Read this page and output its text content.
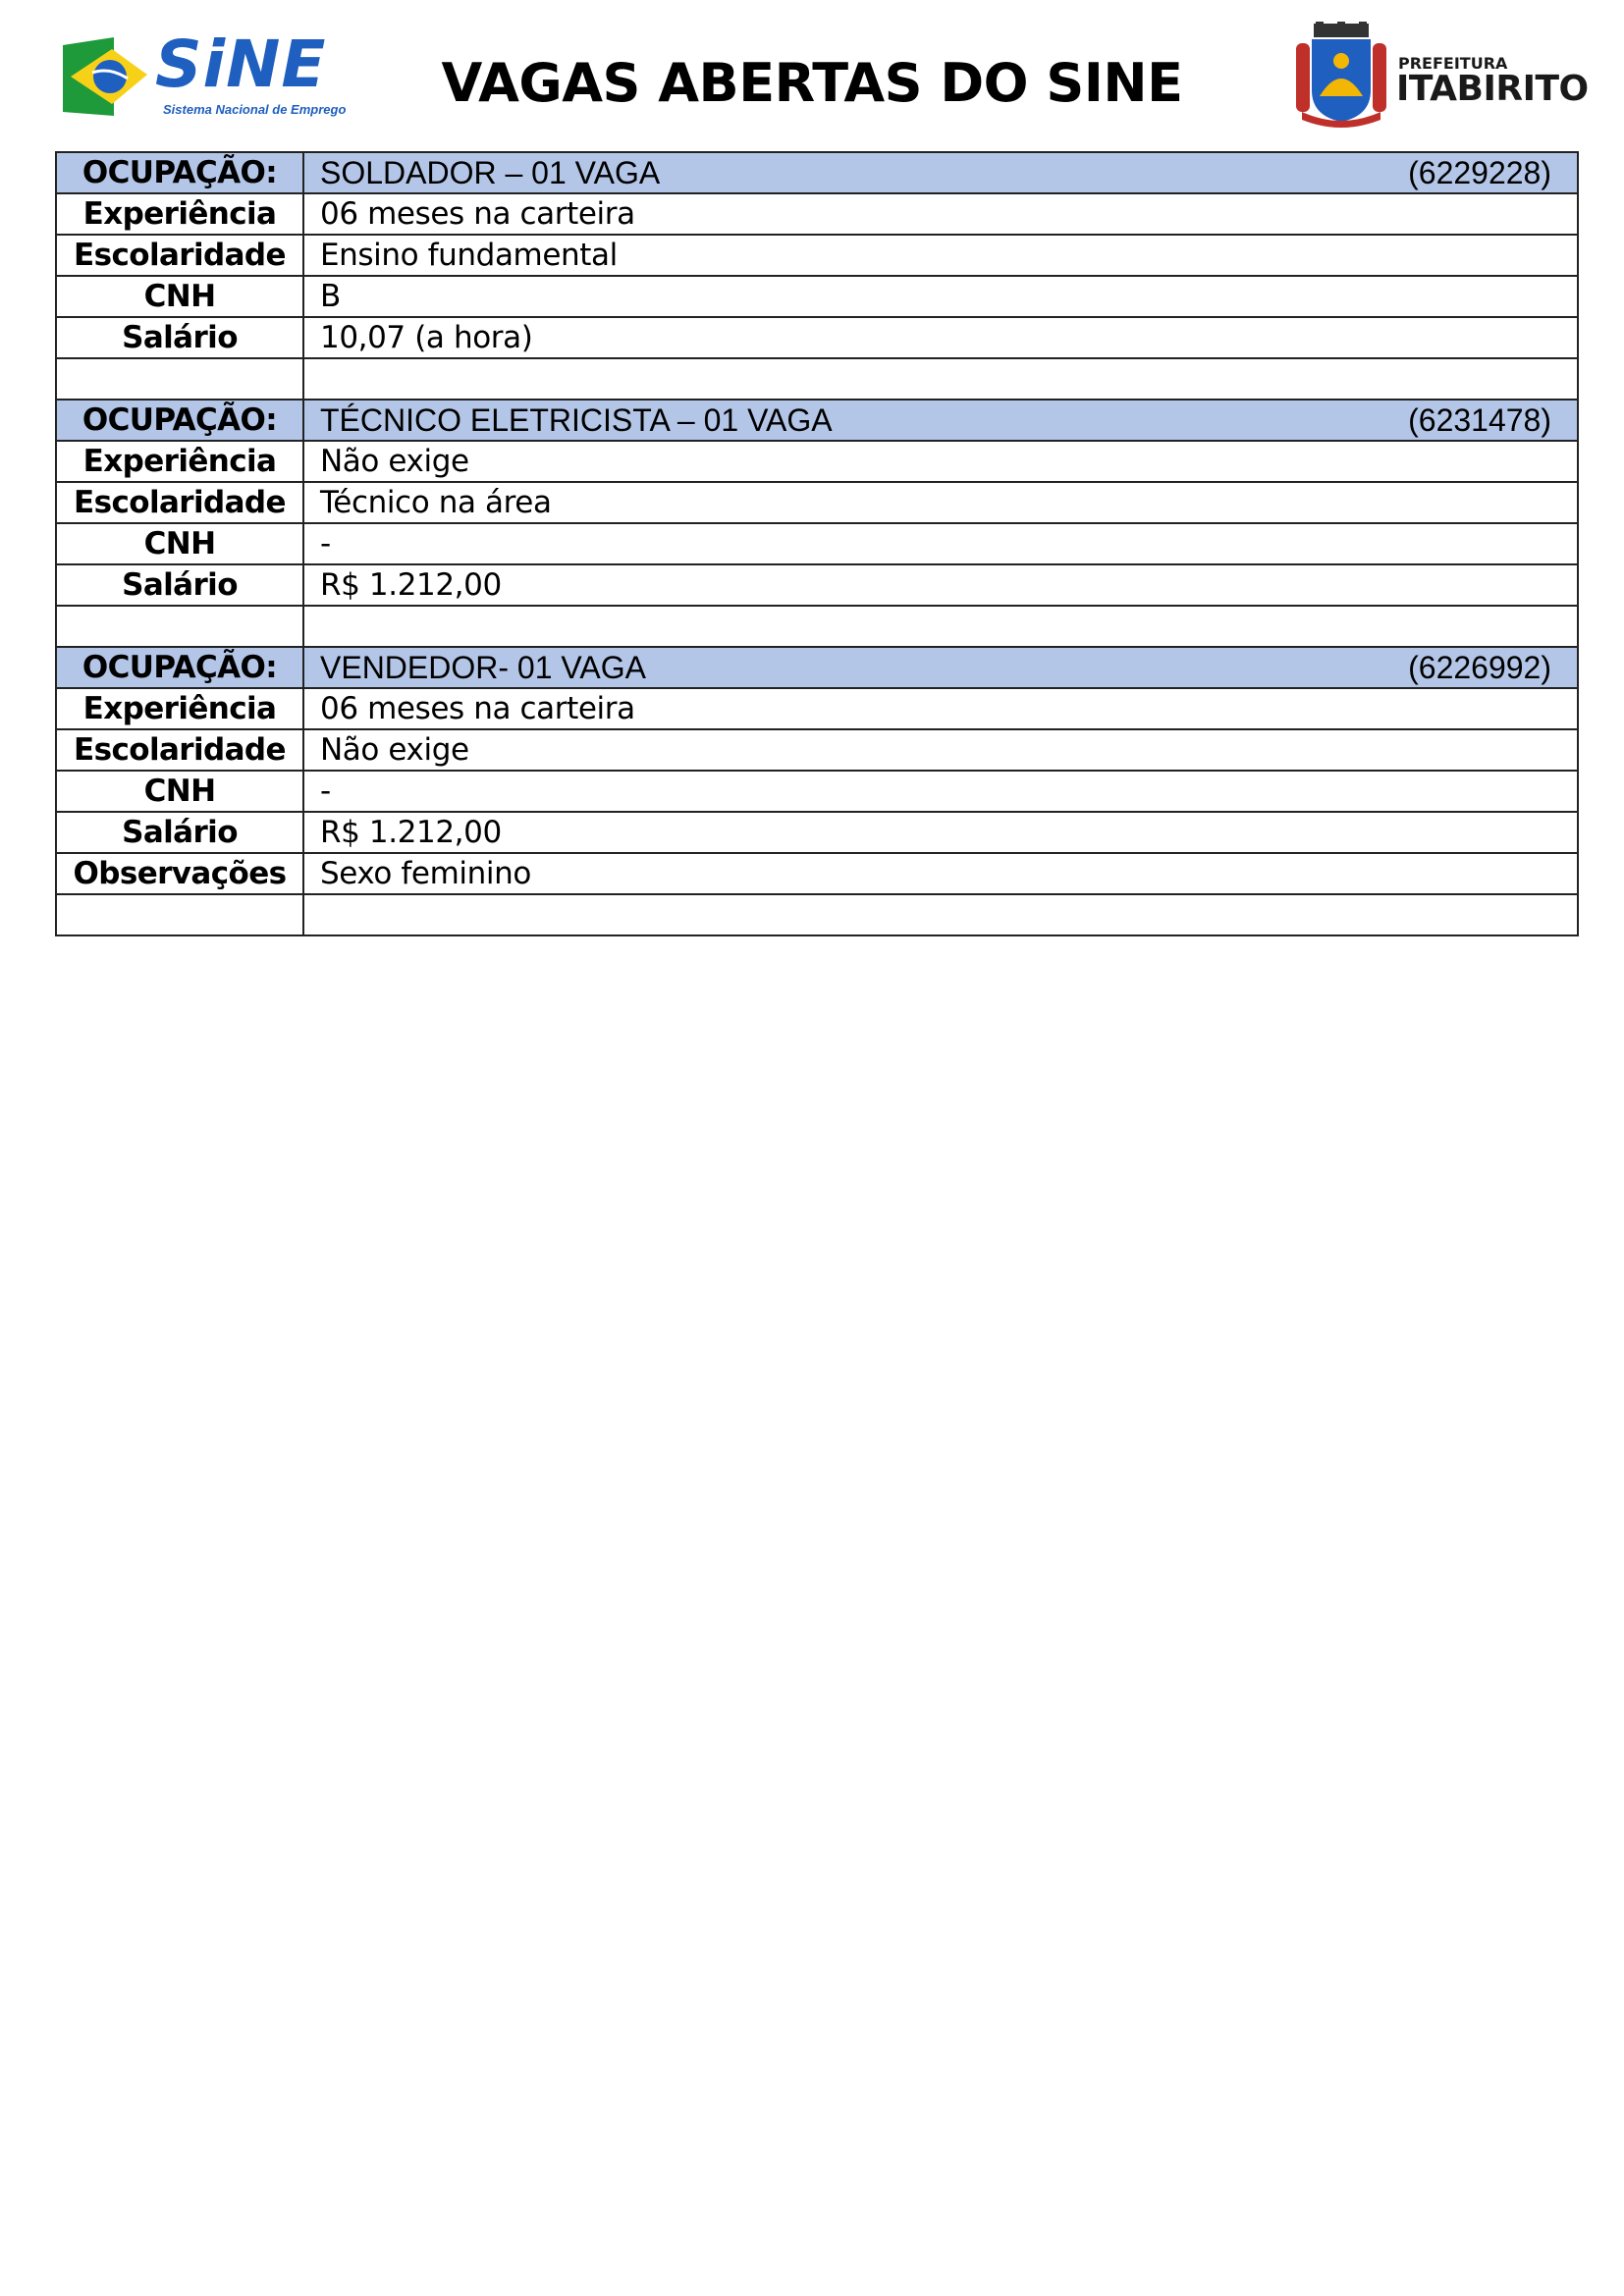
SiNE
Sistema Nacional de Emprego	VAGAS ABERTAS DO SINE	PREFEITURA
ITABIRITO
OCUPAÇÃO:	SOLDADOR – 01 VAGA (6229228)

Experiência	06 meses na carteira
Escolaridade	Ensino fundamental
CNH	B
Salário	10,07 (a hora)

OCUPAÇÃO:	TÉCNICO ELETRICISTA – 01 VAGA (6231478)

Experiência	Não exige
Escolaridade	Técnico na área
CNH	-
Salário	R$ 1.212,00

OCUPAÇÃO:	VENDEDOR- 01 VAGA (6226992)

Experiência	06 meses na carteira
Escolaridade	Não exige
CNH	-
Salário	R$ 1.212,00
Observações	Sexo feminino
